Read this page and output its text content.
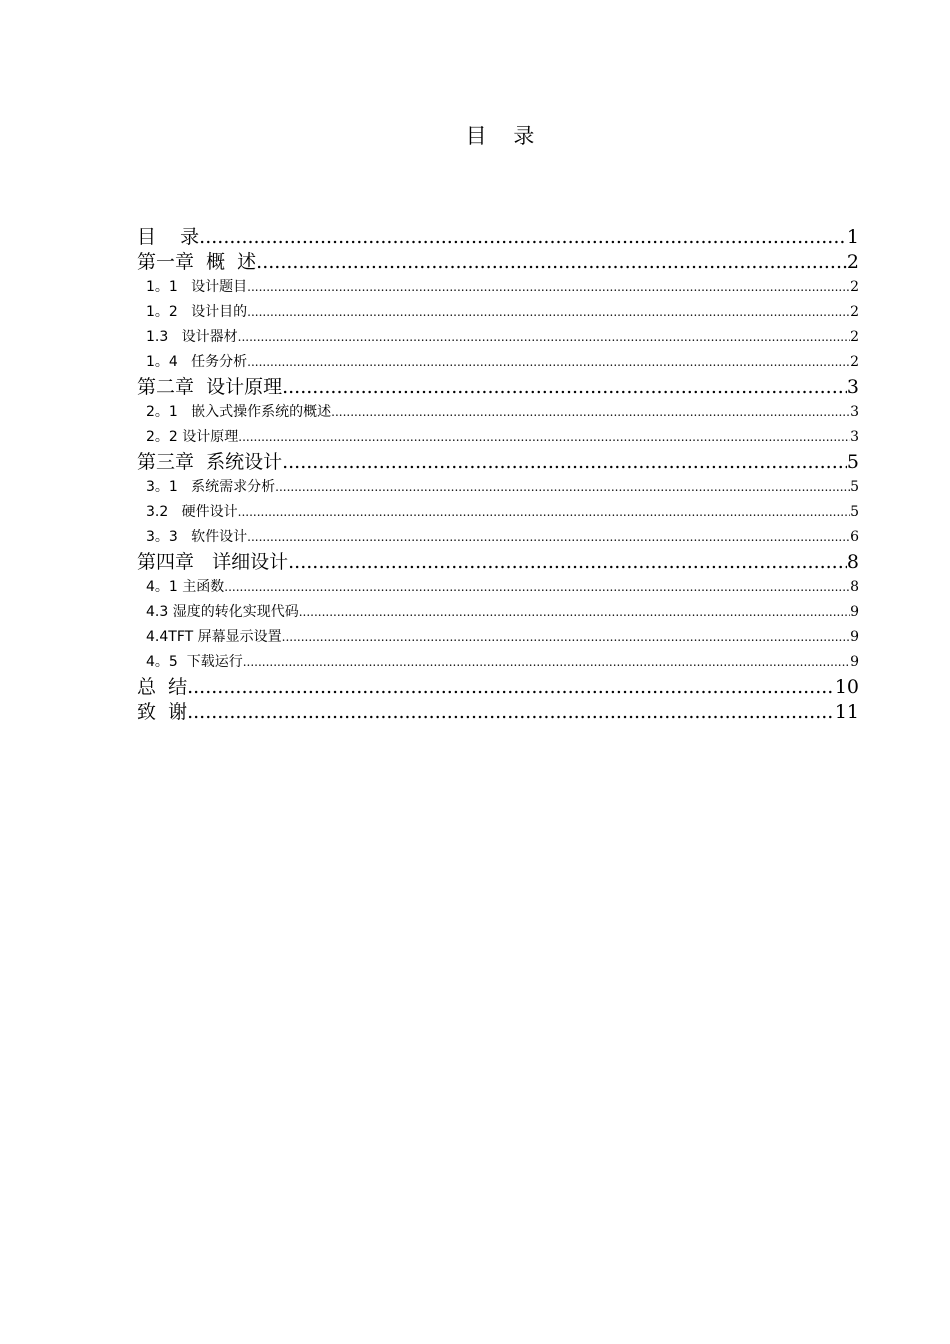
目    录
目    录 .....	1
第一章  概  述 .....	2
1。1   设计题目 .....	2
1。2   设计目的 .....	2
1.3   设计器材 .....	2
1。4   任务分析 .....	2
第二章  设计原理 .....	3
2。1   嵌入式操作系统的概述 .....	3
2。2 设计原理 .....	3
第三章  系统设计 .....	5
3。1   系统需求分析 .....	5
3.2   硬件设计 .....	5
3。3   软件设计 .....	6
第四章   详细设计 .....	8
4。1 主函数 .....	8
4.3 湿度的转化实现代码 .....	9
4.4TFT 屏幕显示设置 .....	9
4。5  下载运行 .....	9
总  结 .....	10
致  谢 .....	11
